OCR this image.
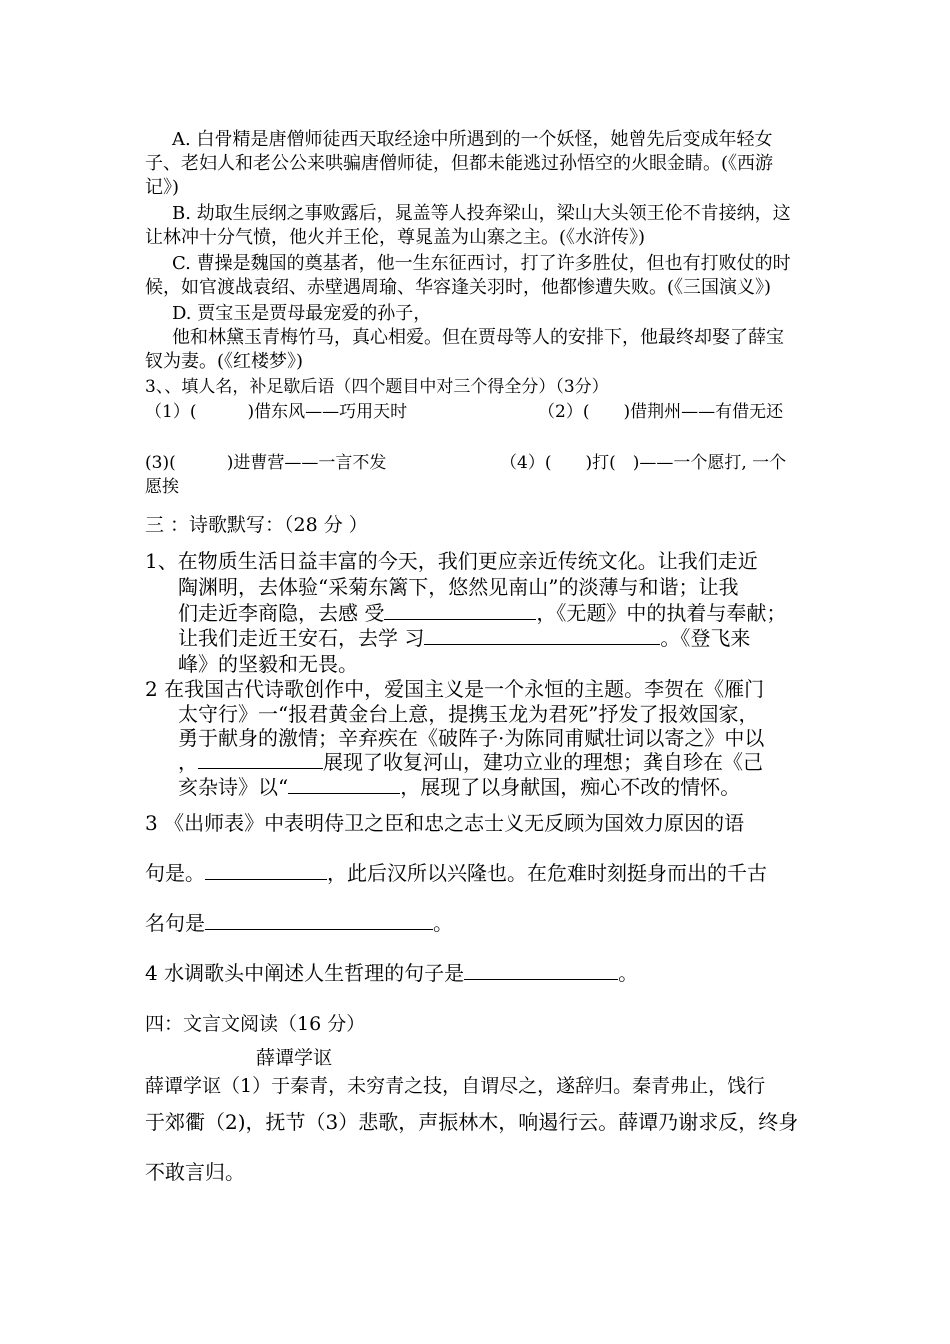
A. 白骨精是唐僧师徒西天取经途中所遇到的一个妖怪，她曾先后变成年轻女
子、老妇人和老公公来哄骗唐僧师徒，但都未能逃过孙悟空的火眼金睛。(《西游
记》)
B. 劫取生辰纲之事败露后，晁盖等人投奔梁山，梁山大头领王伦不肯接纳，这
让林冲十分气愤，他火并王伦，尊晁盖为山寨之主。(《水浒传》)
C. 曹操是魏国的奠基者，他一生东征西讨，打了许多胜仗，但也有打败仗的时
候，如官渡战袁绍、赤壁遇周瑜、华容逢关羽时，他都惨遭失败。(《三国演义》)
D. 贾宝玉是贾母最宠爱的孙子，
他和林黛玉青梅竹马，真心相爱。但在贾母等人的安排下，他最终却娶了薛宝
钗为妻。(《红楼梦》)
3、、填人名，补足歇后语（四个题目中对三个得全分）（3分）
（1）(　　　)借东风——巧用天时	（2）(　　)借荆州——有借无还
(3)(　　　)进曹营——一言不发	（4）(　　)打(　)——一个愿打, 一个
愿挨
三 ：诗歌默写：（28 分 ）
1、在物质生活日益丰富的今天，我们更应亲近传统文化。让我们走近
陶渊明，去体验“采菊东篱下，悠然见南山”的淡薄与和谐；让我
们走近李商隐，去感 受	，《无题》中的执着与奉献；
让我们走近王安石，去学 习	。《登飞来
峰》的坚毅和无畏。
2 在我国古代诗歌创作中，爱国主义是一个永恒的主题。李贺在《雁门
太守行》一“报君黄金台上意，提携玉龙为君死”抒发了报效国家，
勇于献身的激情；辛弃疾在《破阵子·为陈同甫赋壮词以寄之》中以
，	展现了收复河山，建功立业的理想；龚自珍在《己
亥杂诗》以“	，展现了以身献国，痴心不改的情怀。
3 《出师表》中表明侍卫之臣和忠之志士义无反顾为国效力原因的语
句是。	，此后汉所以兴隆也。在危难时刻挺身而出的千古
名句是	。
4 水调歌头中阐述人生哲理的句子是	。
四：文言文阅读（16 分）
薛谭学讴
薛谭学讴（1）于秦青，未穷青之技，自谓尽之，遂辞归。秦青弗止，饯行
于郊衢（2)，抚节（3）悲歌，声振林木，响遏行云。薛谭乃谢求反，终身
不敢言归。
